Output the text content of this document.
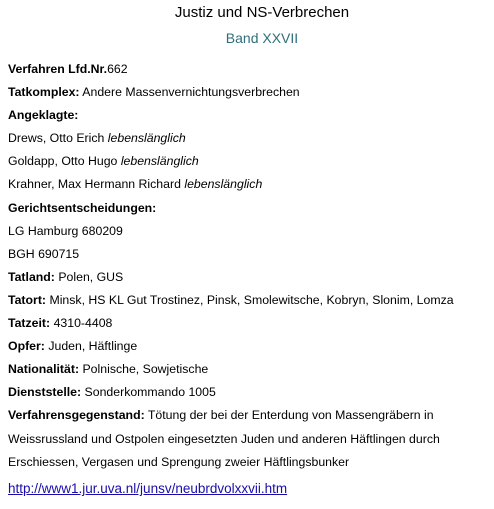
Justiz und NS-Verbrechen
Band XXVII
Verfahren Lfd.Nr.662
Tatkomplex: Andere Massenvernichtungsverbrechen
Angeklagte:
Drews, Otto Erich lebenslänglich
Goldapp, Otto Hugo lebenslänglich
Krahner, Max Hermann Richard lebenslänglich
Gerichtsentscheidungen:
LG Hamburg 680209
BGH 690715
Tatland: Polen, GUS
Tatort: Minsk, HS KL Gut Trostinez, Pinsk, Smolewitsche, Kobryn, Slonim, Lomza
Tatzeit: 4310-4408
Opfer: Juden, Häftlinge
Nationalität: Polnische, Sowjetische
Dienststelle: Sonderkommando 1005
Verfahrensgegenstand: Tötung der bei der Enterdung von Massengräbern in
Weissrussland und Ostpolen eingesetzten Juden und anderen Häftlingen durch
Erschiessen, Vergasen und Sprengung zweier Häftlingsbunker
http://www1.jur.uva.nl/junsv/neubrdvolxxvii.htm
